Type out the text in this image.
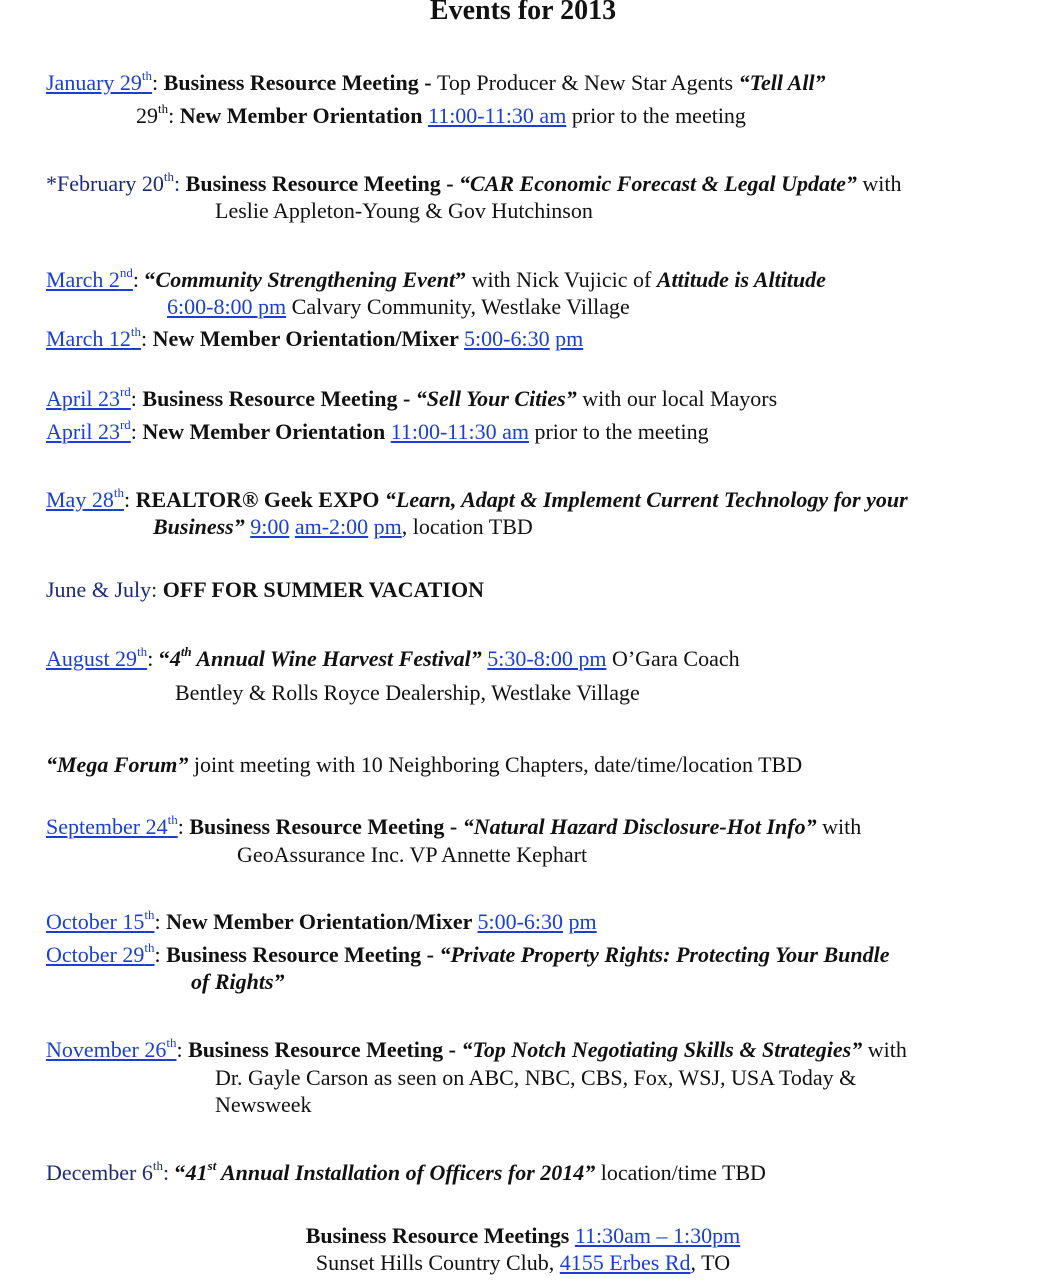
Events for 2013
January 29th: Business Resource Meeting - Top Producer & New Star Agents “Tell All”
29th: New Member Orientation 11:00-11:30 am prior to the meeting
*February 20th: Business Resource Meeting - “CAR Economic Forecast & Legal Update” with
Leslie Appleton-Young & Gov Hutchinson
March 2nd: “Community Strengthening Event” with Nick Vujicic of Attitude is Altitude
6:00-8:00 pm Calvary Community, Westlake Village
March 12th: New Member Orientation/Mixer 5:00-6:30 pm
April 23rd: Business Resource Meeting - “Sell Your Cities” with our local Mayors
April 23rd: New Member Orientation 11:00-11:30 am prior to the meeting
May 28th: REALTOR® Geek EXPO “Learn, Adapt & Implement Current Technology for your
Business” 9:00 am-2:00 pm, location TBD
June & July: OFF FOR SUMMER VACATION
August 29th: “4th Annual Wine Harvest Festival” 5:30-8:00 pm O’Gara Coach
Bentley & Rolls Royce Dealership, Westlake Village
“Mega Forum” joint meeting with 10 Neighboring Chapters, date/time/location TBD
September 24th: Business Resource Meeting - “Natural Hazard Disclosure-Hot Info” with
GeoAssurance Inc. VP Annette Kephart
October 15th: New Member Orientation/Mixer 5:00-6:30 pm
October 29th: Business Resource Meeting - “Private Property Rights: Protecting Your Bundle
of Rights”
November 26th: Business Resource Meeting - “Top Notch Negotiating Skills & Strategies” with
Dr. Gayle Carson as seen on ABC, NBC, CBS, Fox, WSJ, USA Today &
Newsweek
December 6th: “41st Annual Installation of Officers for 2014” location/time TBD
Business Resource Meetings 11:30am – 1:30pm
Sunset Hills Country Club, 4155 Erbes Rd, TO
